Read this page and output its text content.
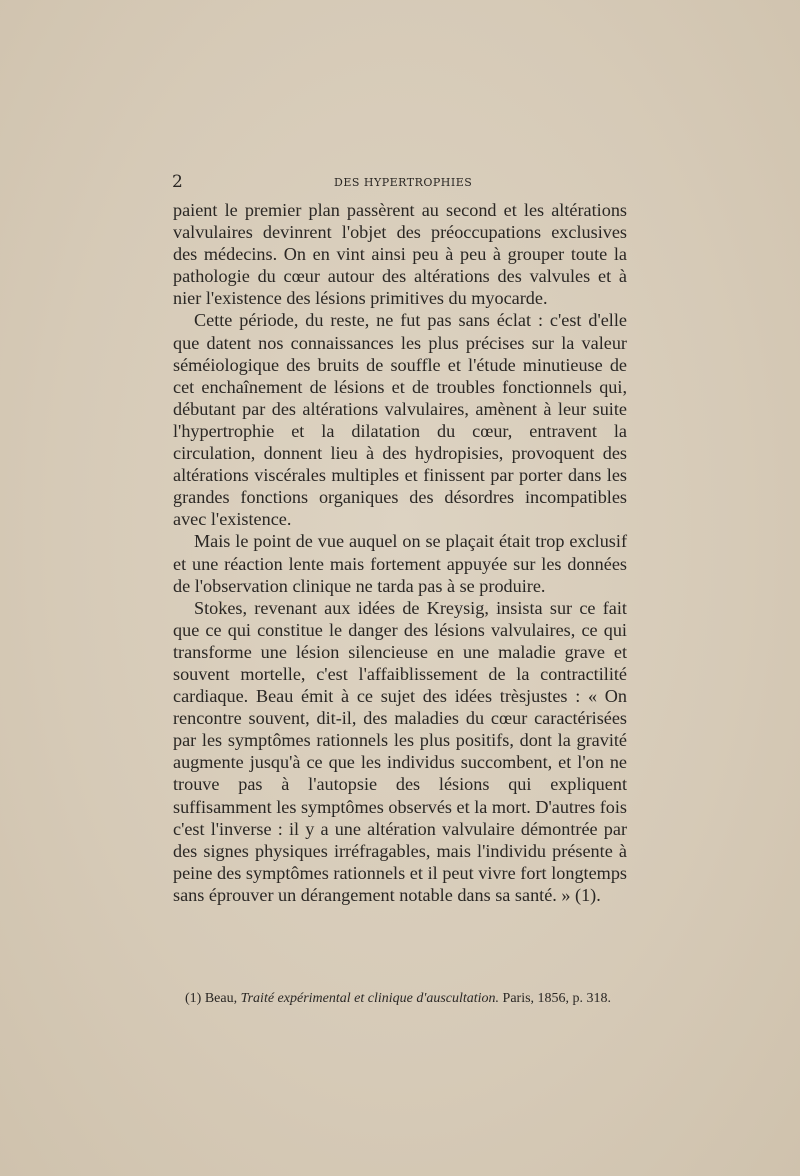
2	DES HYPERTROPHIES

paient le premier plan passèrent au second et les altérations valvulaires devinrent l'objet des préoccupations exclusives des médecins. On en vint ainsi peu à peu à grouper toute la pathologie du cœur autour des altérations des valvules et à nier l'existence des lésions primitives du myocarde.

Cette période, du reste, ne fut pas sans éclat : c'est d'elle que datent nos connaissances les plus précises sur la valeur séméiologique des bruits de souffle et l'étude minutieuse de cet enchaînement de lésions et de troubles fonctionnels qui, débutant par des altérations valvulaires, amènent à leur suite l'hypertrophie et la dilatation du cœur, entravent la circulation, donnent lieu à des hydropisies, provoquent des altérations viscérales multiples et finissent par porter dans les grandes fonctions organiques des désordres incompatibles avec l'existence.

Mais le point de vue auquel on se plaçait était trop exclusif et une réaction lente mais fortement appuyée sur les données de l'observation clinique ne tarda pas à se produire.

Stokes, revenant aux idées de Kreysig, insista sur ce fait que ce qui constitue le danger des lésions valvulaires, ce qui transforme une lésion silencieuse en une maladie grave et souvent mortelle, c'est l'affaiblissement de la contractilité cardiaque. Beau émit à ce sujet des idées trèsjustes : « On rencontre souvent, dit-il, des maladies du cœur caractérisées par les symptômes rationnels les plus positifs, dont la gravité augmente jusqu'à ce que les individus succombent, et l'on ne trouve pas à l'autopsie des lésions qui expliquent suffisamment les symptômes observés et la mort. D'autres fois c'est l'inverse : il y a une altération valvulaire démontrée par des signes physiques irréfragables, mais l'individu présente à peine des symptômes rationnels et il peut vivre fort longtemps sans éprouver un dérangement notable dans sa santé. » (1).

(1) Beau, Traité expérimental et clinique d'auscultation. Paris, 1856, p. 318.
